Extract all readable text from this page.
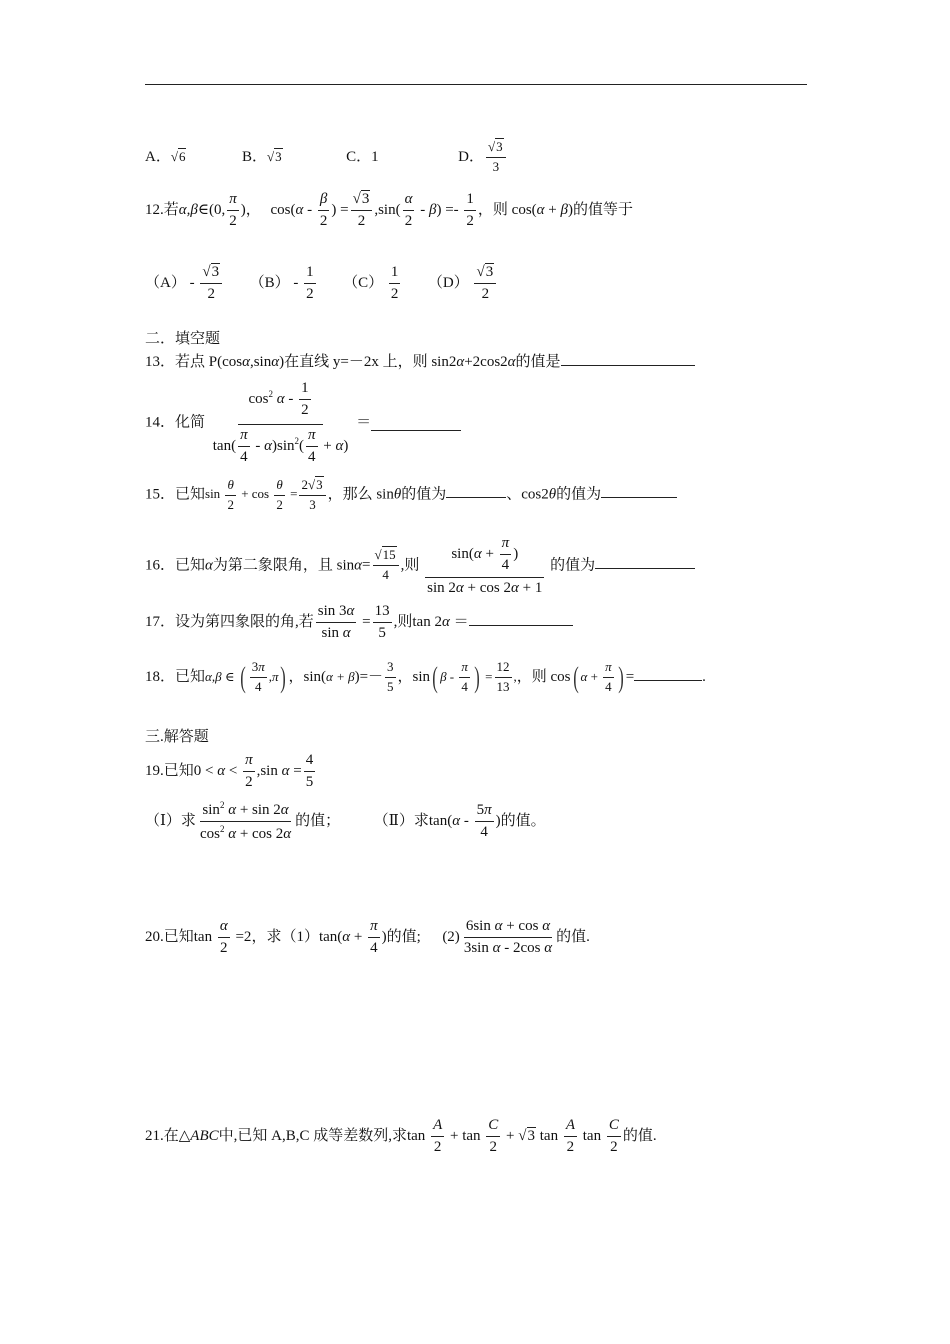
A．√6	B．√3	C．1	D． $\frac{√3}{3}$
12.若α,β∈(0, $\frac{\pi}{2}$ )， $\cos(\alpha - \frac{\beta}{2}$ ) = $\frac{√3}{2} ,\sin( \frac{\alpha}{2} - \beta) =- \frac{1}{2}$ ，则 cos(α + β)的值等于
$(A) - \frac{√3}{2} (B) - \frac{1}{2} (C) \frac{1}{2} (D) \frac{√3}{2}$
二．填空题
13．若点 P(cosα,sinα)在直线 y=－2x 上，则 sin2α+2cos2α的值是
14．化简 $\frac{\cos^2 \alpha - \frac{1}{2}}{\tan( \frac{\pi}{4} - \alpha)\sin^2( \frac{\pi}{4} + \alpha)}$ ＝
15．已知$\sin \frac{\theta}{2} + \cos \frac{\theta}{2} = \frac{2√3}{3}$ ，那么 sinθ的值为	、cos2θ的值为
16．已知α为第二象限角，且 $\sin\alpha= \frac{√15}{4}$ ,则 $\frac{\sin(\alpha + \frac{\pi}{4} )}{\sin 2\alpha + \cos 2\alpha + 1}$ 的值为
17．设为第四象限的角,若 $\frac{\sin 3\alpha}{\text{sin α}} = \frac{13}{5}$ ,则tan 2α ＝
18．已知α,β ∈ ( $\frac{3\pi}{4} ,\pi$) ，$\sin(\alpha + \beta)=- \frac{3}{5}$ ，sin( β - $\frac{\pi}{4}$ ) = $\frac{12}{13}$ ,，则 cos( $\alpha + \frac{\pi}{4}$ ) =	.
三.解答题
19.已知$0 < \alpha < \frac{\pi}{2} ,\sin$ $\alpha = \frac{4}{5}$
（Ⅰ）求 $\frac{\sin^2 \alpha + \sin 2\alpha}{\cos^2 \alpha + \cos 2\alpha}$ 的值； （Ⅱ）求$\tan(\alpha - \frac{5\pi}{4}$ )的值。
20.已知$\tan \frac{\alpha}{2} =2$，求$(1)\tan(\alpha + \frac{\pi}{4}$ )的值; $(2) \frac{\text{6sin α + cos α}}{\text{3sin α - 2cos α}}$ 的值.
21.在△ABC中,已知 A,B,C 成等差数列,求$\tan \frac{A}{2} + \tan \frac{C}{2} + √3$ $\tan \frac{A}{2}$ $\tan \frac{C}{2}$ 的值.
